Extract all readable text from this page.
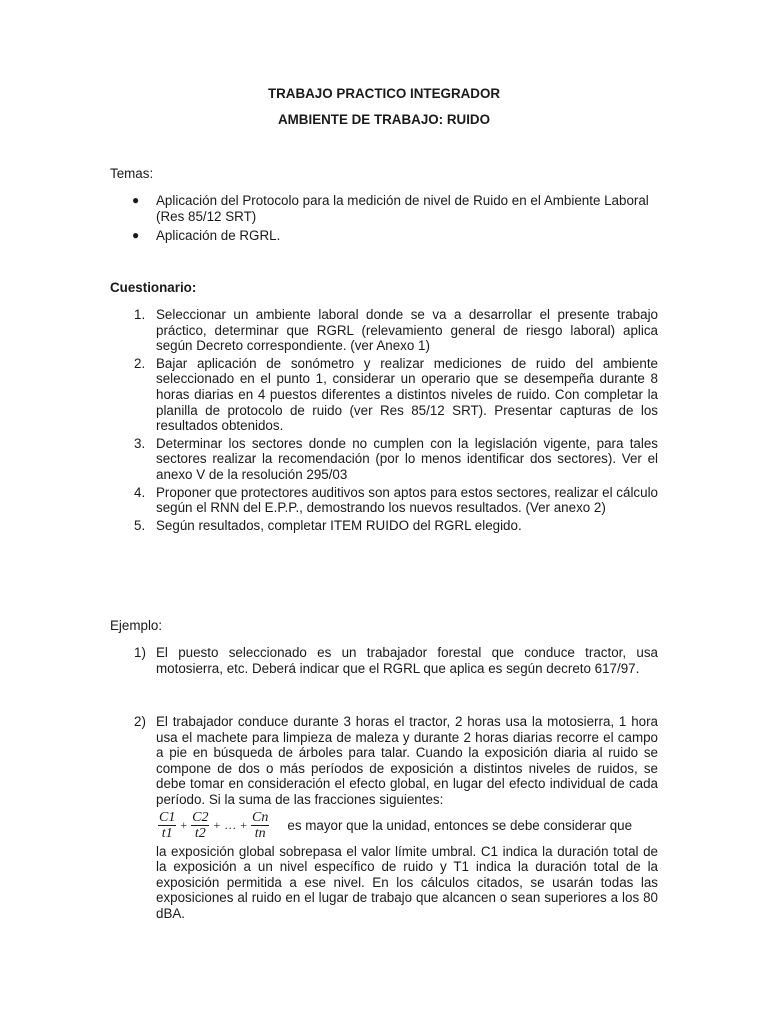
TRABAJO PRACTICO INTEGRADOR
AMBIENTE DE TRABAJO: RUIDO
Temas:
● Aplicación del Protocolo para la medición de nivel de Ruido en el Ambiente Laboral (Res 85/12 SRT)
● Aplicación de RGRL.
Cuestionario:
1. Seleccionar un ambiente laboral donde se va a desarrollar el presente trabajo práctico, determinar que RGRL (relevamiento general de riesgo laboral) aplica según Decreto correspondiente. (ver Anexo 1)
2. Bajar aplicación de sonómetro y realizar mediciones de ruido del ambiente seleccionado en el punto 1, considerar un operario que se desempeña durante 8 horas diarias en 4 puestos diferentes a distintos niveles de ruido. Con completar la planilla de protocolo de ruido (ver Res 85/12 SRT). Presentar capturas de los resultados obtenidos.
3. Determinar los sectores donde no cumplen con la legislación vigente, para tales sectores realizar la recomendación (por lo menos identificar dos sectores). Ver el anexo V de la resolución 295/03
4. Proponer que protectores auditivos son aptos para estos sectores, realizar el cálculo según el RNN del E.P.P., demostrando los nuevos resultados. (Ver anexo 2)
5. Según resultados, completar ITEM RUIDO del RGRL elegido.
Ejemplo:
1) El puesto seleccionado es un trabajador forestal que conduce tractor, usa motosierra, etc. Deberá indicar que el RGRL que aplica es según decreto 617/97.
2) El trabajador conduce durante 3 horas el tractor, 2 horas usa la motosierra, 1 hora usa el machete para limpieza de maleza y durante 2 horas diarias recorre el campo a pie en búsqueda de árboles para talar. Cuando la exposición diaria al ruido se compone de dos o más períodos de exposición a distintos niveles de ruidos, se debe tomar en consideración el efecto global, en lugar del efecto individual de cada período. Si la suma de las fracciones siguientes:
$\frac{C1}{t1} + \frac{C2}{t2}$ + … + $\frac{Cn}{tn}$ es mayor que la unidad, entonces se debe considerar que
la exposición global sobrepasa el valor límite umbral. C1 indica la duración total de la exposición a un nivel específico de ruido y T1 indica la duración total de la exposición permitida a ese nivel. En los cálculos citados, se usarán todas las exposiciones al ruido en el lugar de trabajo que alcancen o sean superiores a los 80 dBA.
